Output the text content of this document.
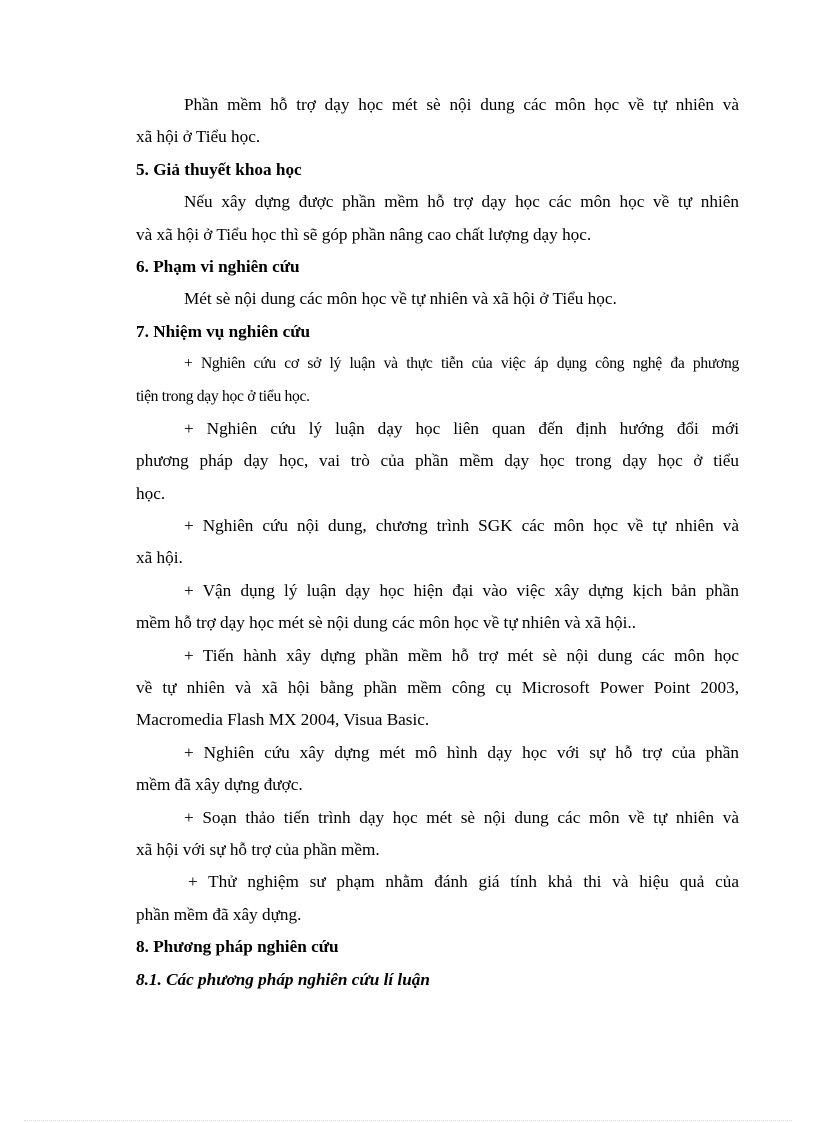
Phần mềm hỗ trợ dạy học mét sè nội dung các môn học về tự nhiên và
xã hội ở Tiểu học.
5. Giả thuyết khoa học
Nếu xây dựng được phần mềm hỗ trợ dạy học các môn học về tự nhiên
và xã hội ở Tiểu học thì sẽ góp phần nâng cao chất lượng dạy học.
6. Phạm vi nghiên cứu
Mét sè nội dung các môn học về tự nhiên và xã hội ở Tiểu học.
7. Nhiệm vụ nghiên cứu
+ Nghiên cứu cơ sở lý luận và thực tiễn của việc áp dụng công nghệ đa phương
tiện trong dạy học ở tiểu học.
+ Nghiên cứu lý luận dạy học liên quan đến định hướng đổi mới
phương pháp dạy học, vai trò của phần mềm dạy học trong dạy học ở tiểu
học.
+ Nghiên cứu nội dung, chương trình SGK các môn học về tự nhiên và
xã hội.
+ Vận dụng lý luận dạy học hiện đại vào việc xây dựng kịch bản phần
mềm hỗ trợ dạy học mét sè nội dung các môn học về tự nhiên và xã hội..
+ Tiến hành xây dựng phần mềm hỗ trợ mét sè nội dung các môn học
về tự nhiên và xã hội bằng phần mềm công cụ Microsoft Power Point 2003,
Macromedia Flash MX 2004, Visua Basic.
+ Nghiên cứu xây dựng mét mô hình dạy học với sự hỗ trợ của phần
mềm đã xây dựng được.
+ Soạn thảo tiến trình dạy học mét sè nội dung các môn về tự nhiên và
xã hội với sự hỗ trợ của phần mềm.
+ Thử nghiệm sư phạm nhằm đánh giá tính khả thi và hiệu quả của
phần mềm đã xây dựng.
8. Phương pháp nghiên cứu
8.1. Các phương pháp nghiên cứu lí luận
